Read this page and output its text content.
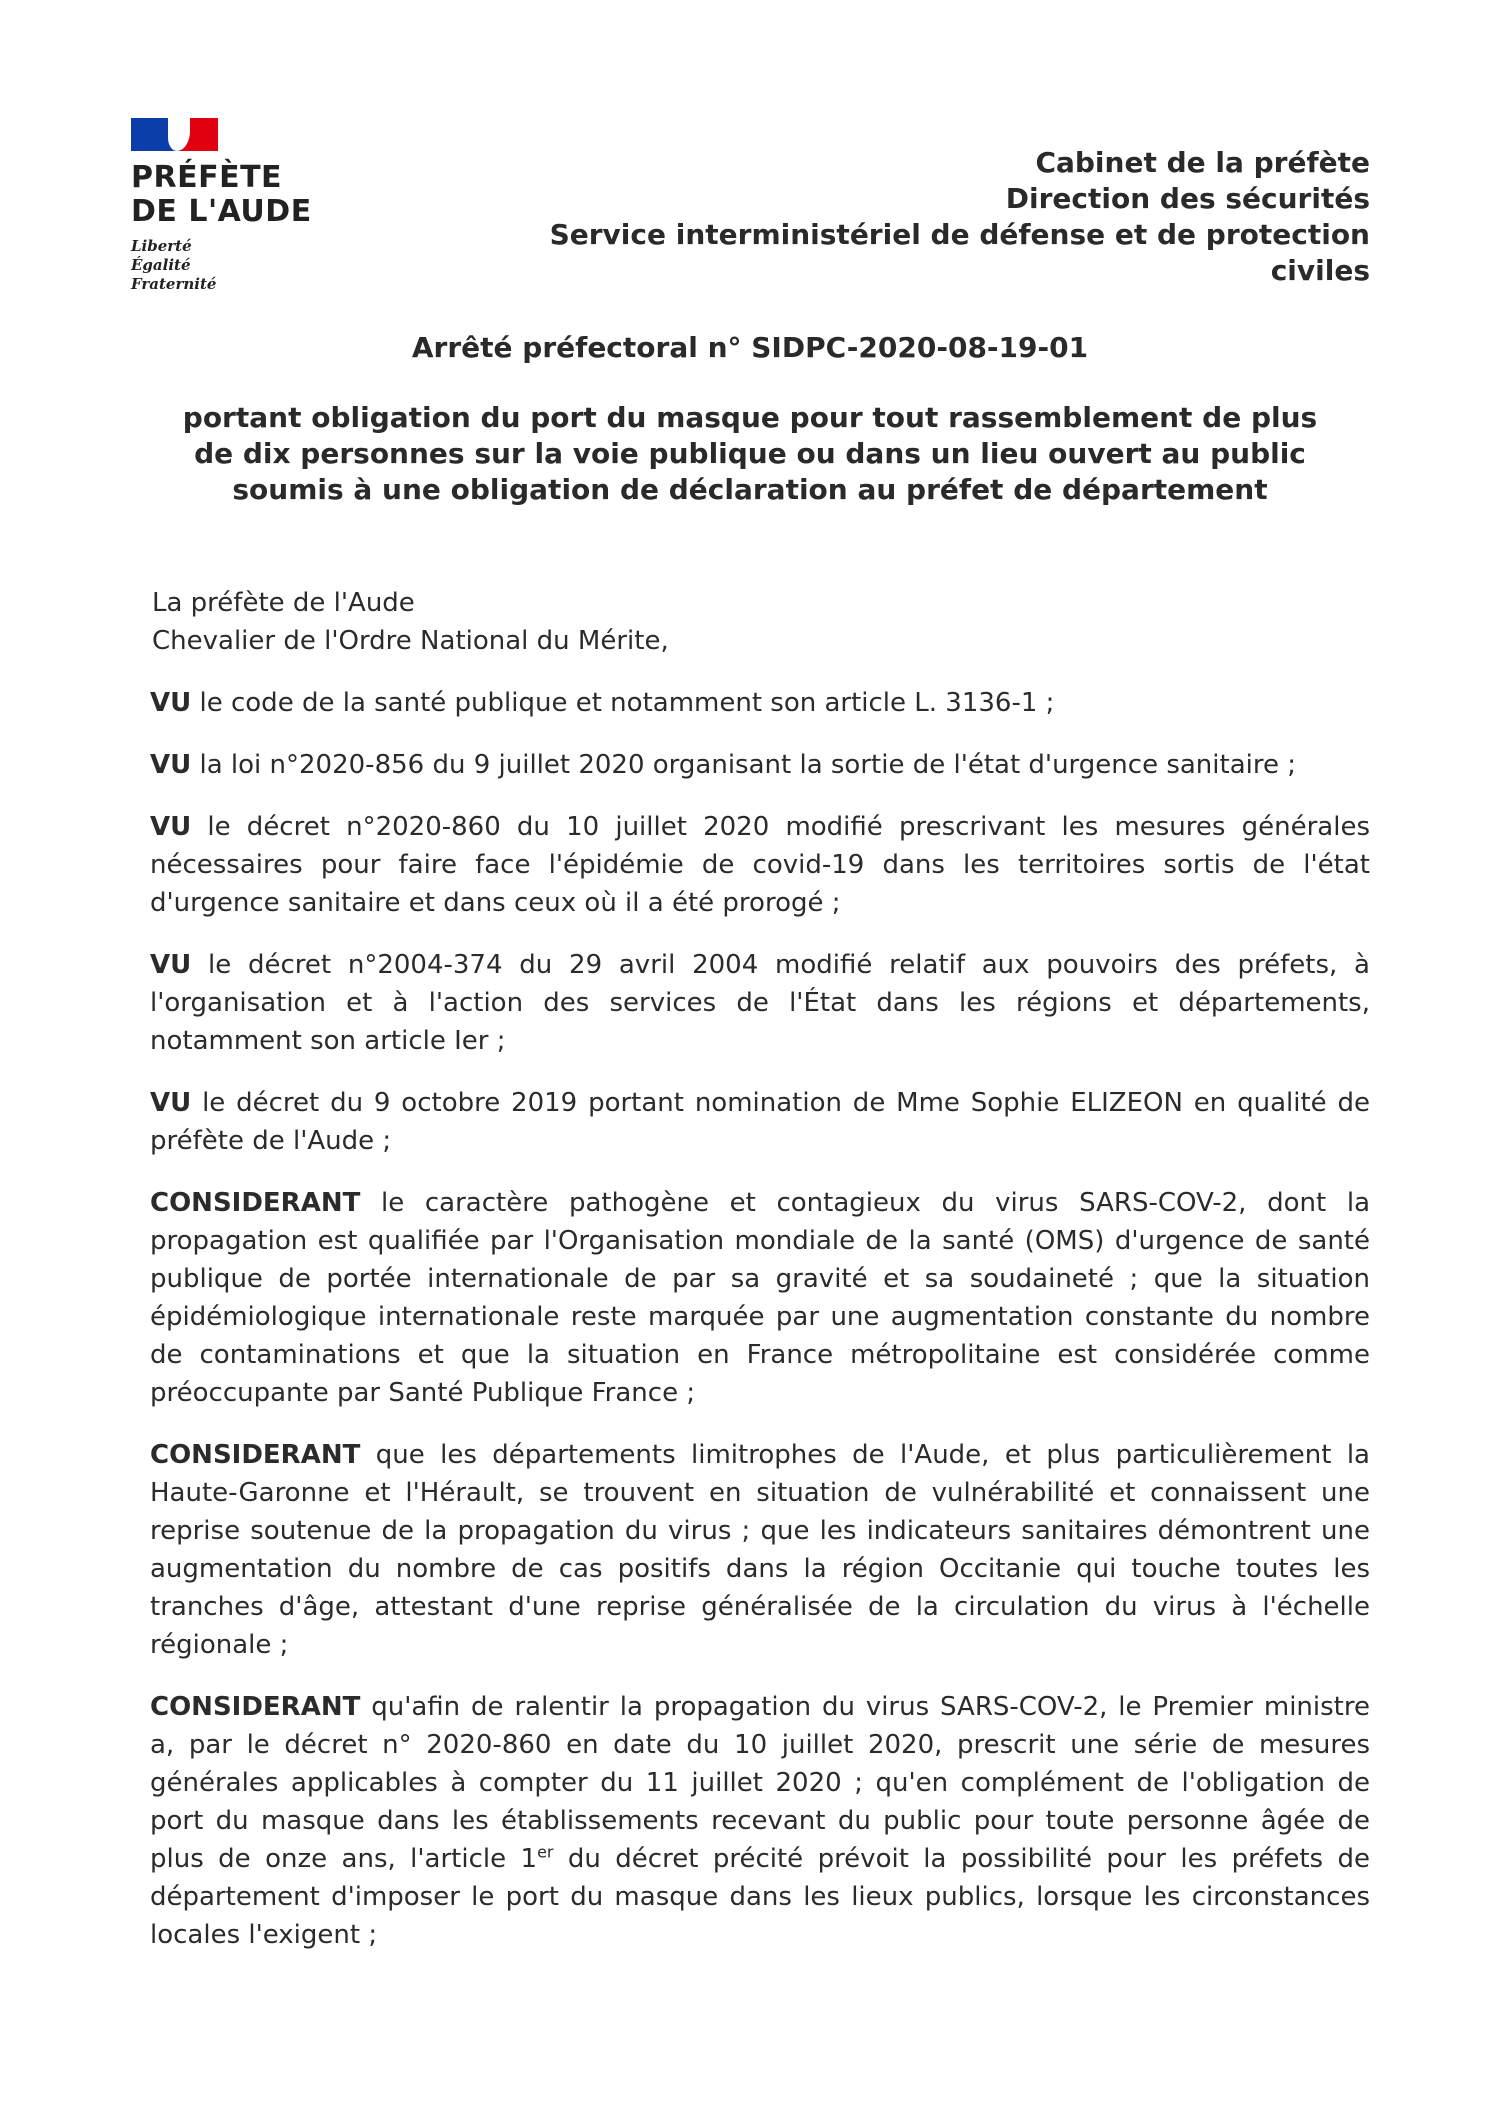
PRÉFÈTE
DE L'AUDE
Liberté
Égalité
Fraternité
Cabinet de la préfète
Direction des sécurités
Service interministériel de défense et de protection civiles
Arrêté préfectoral n° SIDPC-2020-08-19-01
portant obligation du port du masque pour tout rassemblement de plus de dix personnes sur la voie publique ou dans un lieu ouvert au public soumis à une obligation de déclaration au préfet de département

La préfète de l'Aude

Chevalier de l'Ordre National du Mérite,

VU le code de la santé publique et notamment son article L. 3136-1 ;

VU la loi n°2020-856 du 9 juillet 2020 organisant la sortie de l'état d'urgence sanitaire ;

VU le décret n°2020-860 du 10 juillet 2020 modifié prescrivant les mesures générales nécessaires pour faire face l'épidémie de covid-19 dans les territoires sortis de l'état d'urgence sanitaire et dans ceux où il a été prorogé ;

VU le décret n°2004-374 du 29 avril 2004 modifié relatif aux pouvoirs des préfets, à l'organisation et à l'action des services de l'État dans les régions et départements, notamment son article Ier ;

VU le décret du 9 octobre 2019 portant nomination de Mme Sophie ELIZEON en qualité de préfète de l'Aude ;

CONSIDERANT le caractère pathogène et contagieux du virus SARS-COV-2, dont la propagation est qualifiée par l'Organisation mondiale de la santé (OMS) d'urgence de santé publique de portée internationale de par sa gravité et sa soudaineté ; que la situation épidémiologique internationale reste marquée par une augmentation constante du nombre de contaminations et que la situation en France métropolitaine est considérée comme préoccupante par Santé Publique France ;

CONSIDERANT que les départements limitrophes de l'Aude, et plus particulièrement la Haute-Garonne et l'Hérault, se trouvent en situation de vulnérabilité et connaissent une reprise soutenue de la propagation du virus ; que les indicateurs sanitaires démontrent une augmentation du nombre de cas positifs dans la région Occitanie qui touche toutes les tranches d'âge, attestant d'une reprise généralisée de la circulation du virus à l'échelle régionale ;

CONSIDERANT qu'afin de ralentir la propagation du virus SARS-COV-2, le Premier ministre a, par le décret n° 2020-860 en date du 10 juillet 2020, prescrit une série de mesures générales applicables à compter du 11 juillet 2020 ; qu'en complément de l'obligation de port du masque dans les établissements recevant du public pour toute personne âgée de plus de onze ans, l'article 1er du décret précité prévoit la possibilité pour les préfets de département d'imposer le port du masque dans les lieux publics, lorsque les circonstances locales l'exigent ;
